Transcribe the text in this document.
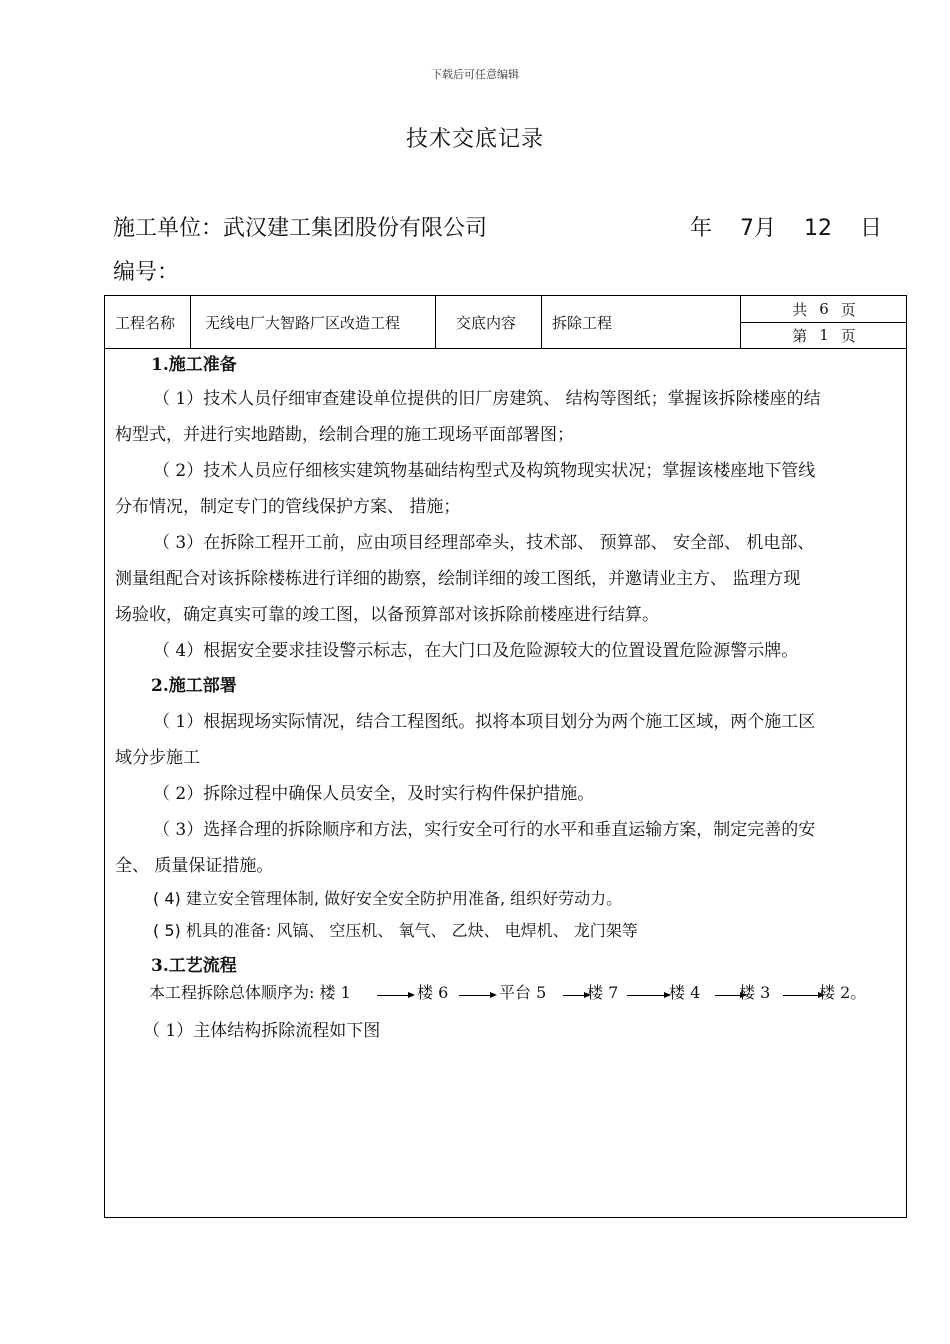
下载后可任意编辑
技术交底记录
施工单位：武汉建工集团股份有限公司	年 7月 12 日
编号：
工程名称	无线电厂大智路厂区改造工程	交底内容	拆除工程
共 6 页
第 1 页
1.施工准备
（ 1）技术人员仔细审查建设单位提供的旧厂房建筑、 结构等图纸；掌握该拆除楼座的结
构型式，并进行实地踏勘，绘制合理的施工现场平面部署图；
（ 2）技术人员应仔细核实建筑物基础结构型式及构筑物现实状况；掌握该楼座地下管线
分布情况，制定专门的管线保护方案、 措施；
（ 3）在拆除工程开工前，应由项目经理部牵头，技术部、 预算部、 安全部、 机电部、
测量组配合对该拆除楼栋进行详细的勘察，绘制详细的竣工图纸，并邀请业主方、 监理方现
场验收，确定真实可靠的竣工图，以备预算部对该拆除前楼座进行结算。
（ 4）根据安全要求挂设警示标志，在大门口及危险源较大的位置设置危险源警示牌。
2.施工部署
（ 1）根据现场实际情况，结合工程图纸。拟将本项目划分为两个施工区域，两个施工区
域分步施工
（ 2）拆除过程中确保人员安全，及时实行构件保护措施。
（ 3）选择合理的拆除顺序和方法，实行安全可行的水平和垂直运输方案，制定完善的安
全、 质量保证措施。
( 4) 建立安全管理体制, 做好安全安全防护用准备, 组织好劳动力。
( 5) 机具的准备: 风镐、 空压机、 氧气、 乙炔、 电焊机、 龙门架等
3.工艺流程
本工程拆除总体顺序为: 楼 1	楼 6	平台 5	楼 7	楼 4 楼 3	楼 2。
（ 1）主体结构拆除流程如下图
